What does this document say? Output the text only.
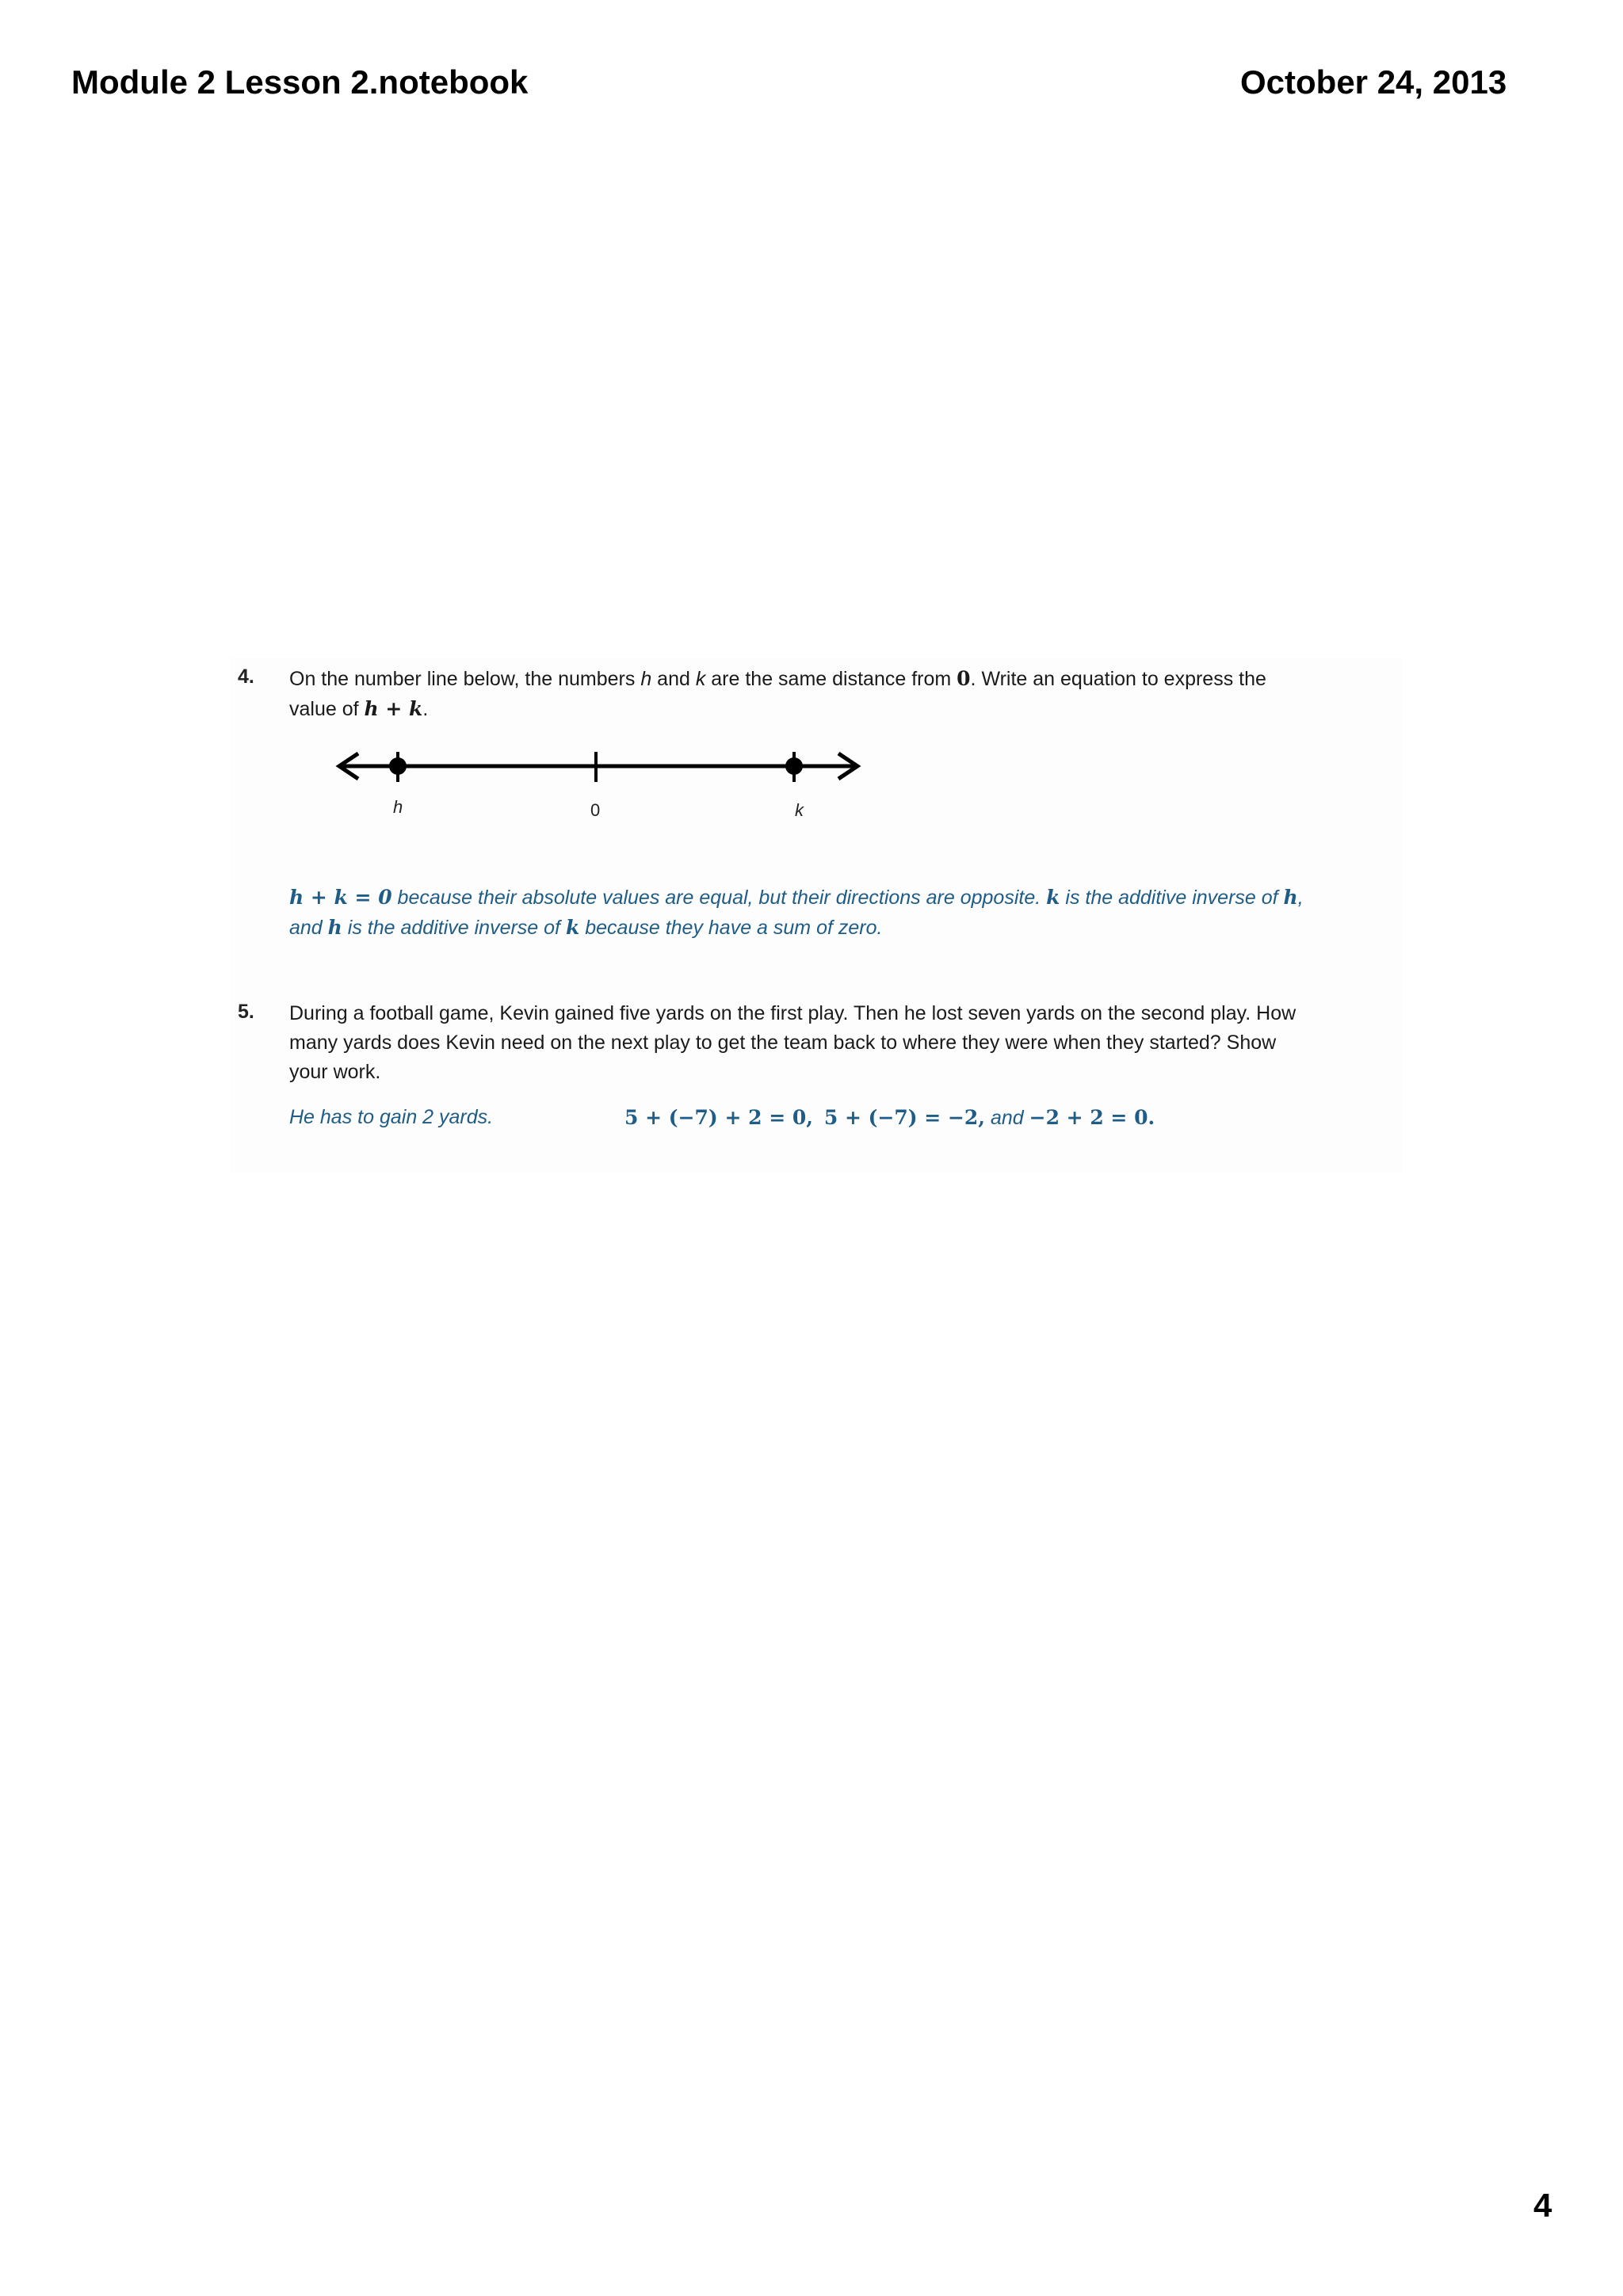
Module 2 Lesson 2.notebook	October 24, 2013
4. On the number line below, the numbers h and k are the same distance from 0. Write an equation to express the
value of h + k.
h	0	k
h + k = 0 because their absolute values are equal, but their directions are opposite. k is the additive inverse of h,
and h is the additive inverse of k because they have a sum of zero.
5. During a football game, Kevin gained five yards on the first play. Then he lost seven yards on the second play. How
many yards does Kevin need on the next play to get the team back to where they were when they started? Show
your work.
He has to gain 2 yards.	5 + (−7) + 2 = 0, 5 + (−7) = −2, and −2 + 2 = 0.
4
